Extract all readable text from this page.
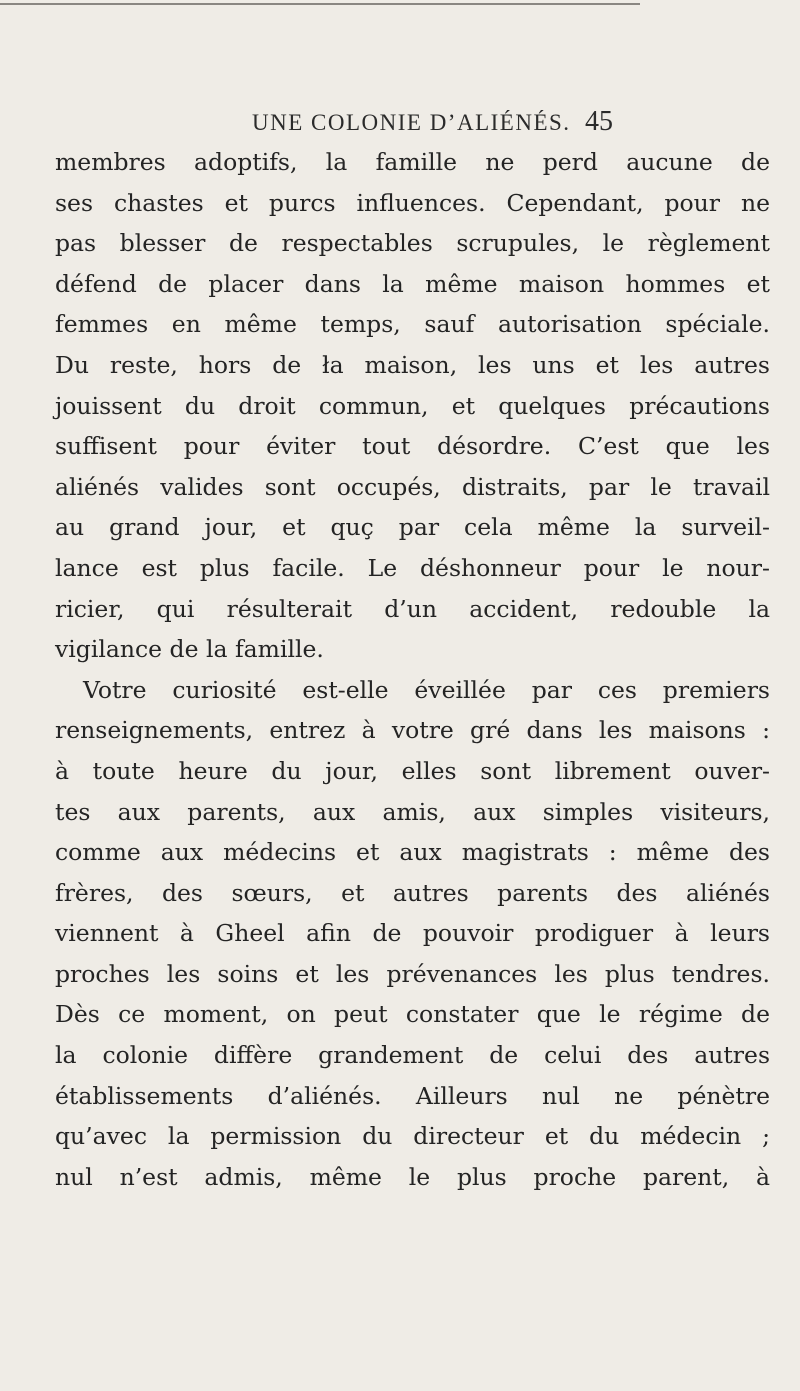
UNE COLONIE D’ALIÉNÉS. 45
membres adoptifs, la famille ne perd aucune de
ses chastes et purcs influences. Cependant, pour ne
pas blesser de respectables scrupules, le règlement
défend de placer dans la même maison hommes et
femmes en même temps, sauf autorisation spéciale.
Du reste, hors de ła maison, les uns et les autres
jouissent du droit commun, et quelques précautions
suffisent pour éviter tout désordre. C’est que les
aliénés valides sont occupés, distraits, par le travail
au grand jour, et quç par cela même la surveil-
lance est plus facile. Le déshonneur pour le nour-
ricier, qui résulterait d’un accident, redouble la
vigilance de la famille.
Votre curiosité est-elle éveillée par ces premiers
renseignements, entrez à votre gré dans les maisons :
à toute heure du jour, elles sont librement ouver-
tes aux parents, aux amis, aux simples visiteurs,
comme aux médecins et aux magistrats : même des
frères, des sœurs, et autres parents des aliénés
viennent à Gheel afin de pouvoir prodiguer à leurs
proches les soins et les prévenances les plus tendres.
Dès ce moment, on peut constater que le régime de
la colonie diffère grandement de celui des autres
établissements d’aliénés. Ailleurs nul ne pénètre
qu’avec la permission du directeur et du médecin ;
nul n’est admis, même le plus proche parent, à
